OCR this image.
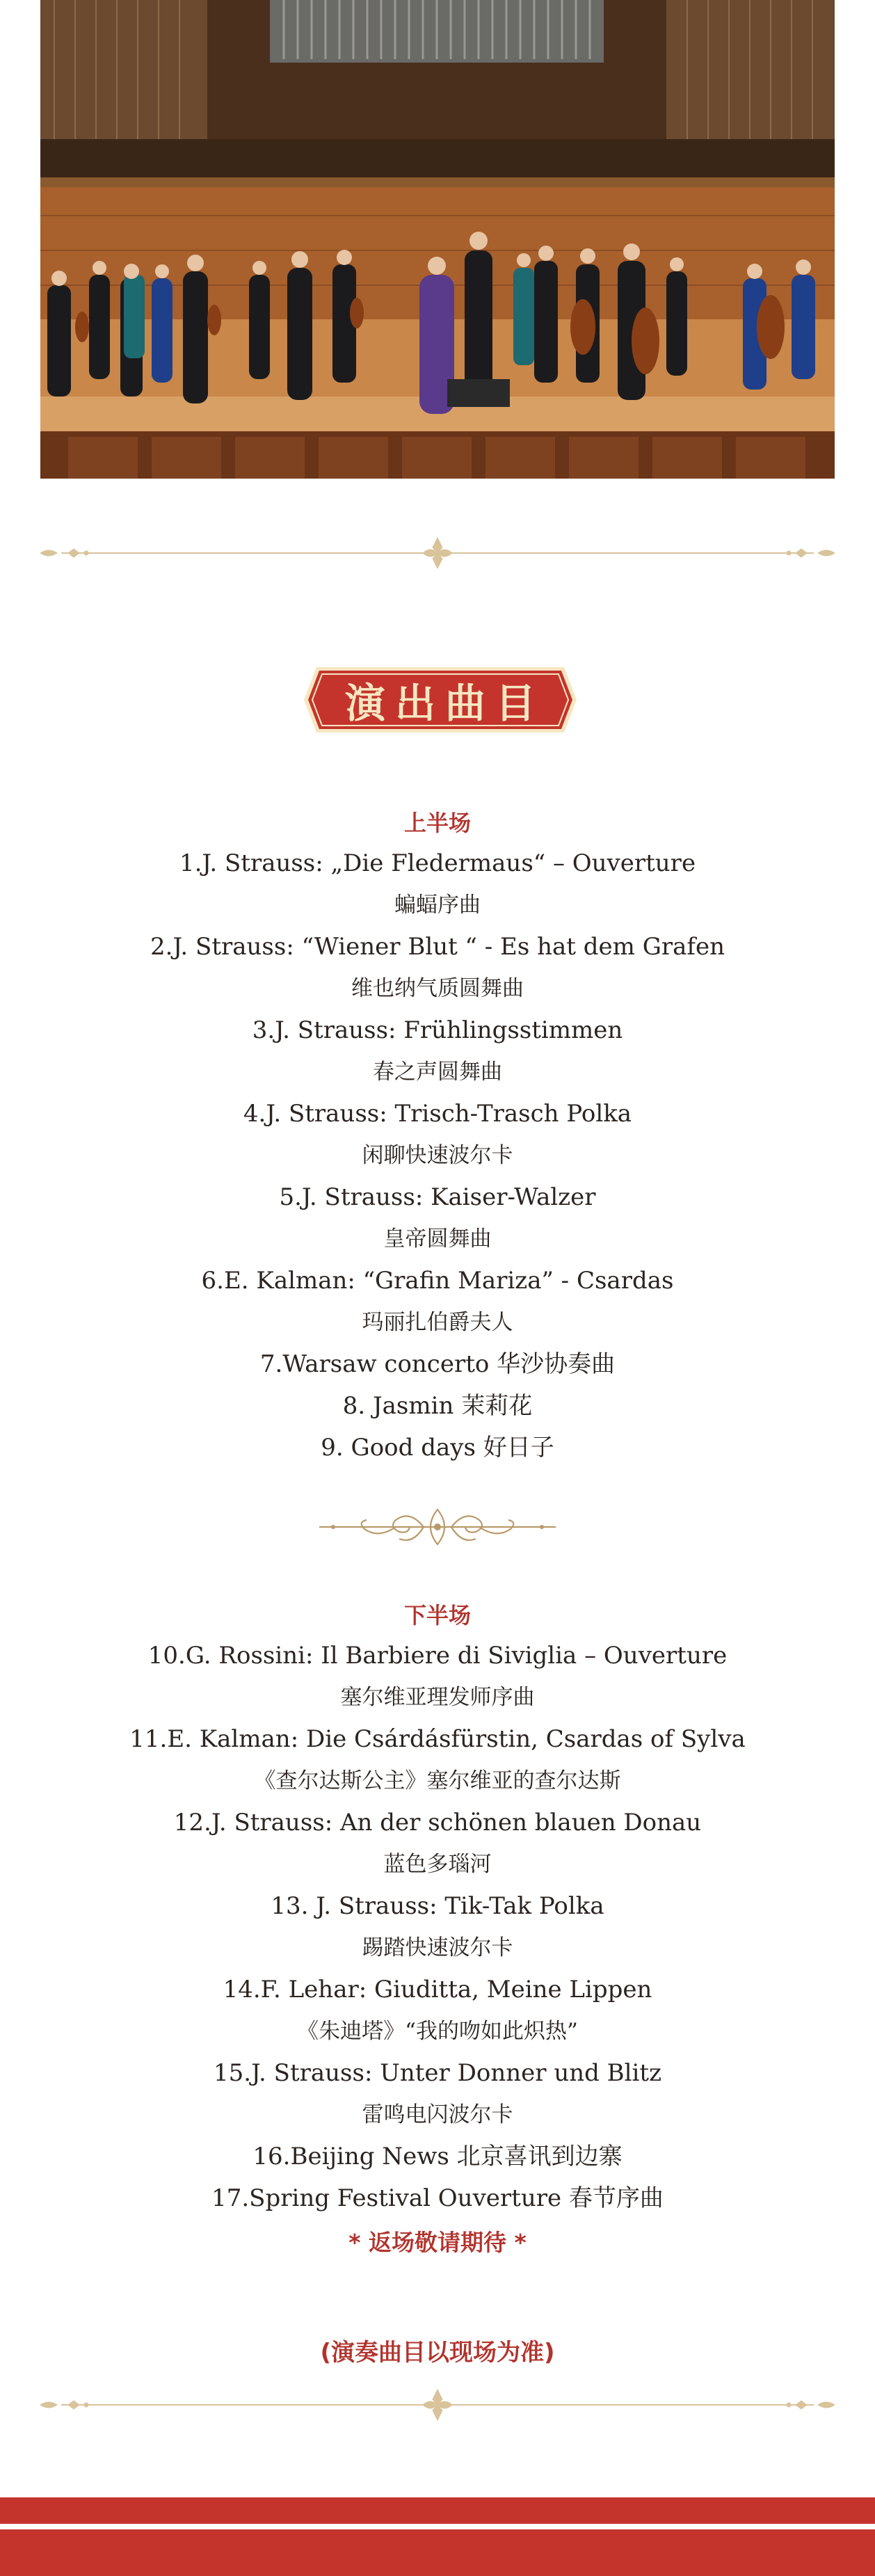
演出曲目
上半场
1.J. Strauss: „Die Fledermaus“ – Ouverture
蝙蝠序曲
2.J. Strauss: “Wiener Blut “ - Es hat dem Grafen
维也纳气质圆舞曲
3.J. Strauss: Frühlingsstimmen
春之声圆舞曲
4.J. Strauss: Trisch-Trasch Polka
闲聊快速波尔卡
5.J. Strauss: Kaiser-Walzer
皇帝圆舞曲
6.E. Kalman: “Grafin Mariza” - Csardas
玛丽扎伯爵夫人
7.Warsaw concerto 华沙协奏曲
8. Jasmin 茉莉花
9. Good days 好日子
下半场
10.G. Rossini: Il Barbiere di Siviglia – Ouverture
塞尔维亚理发师序曲
11.E. Kalman: Die Csárdásfürstin, Csardas of Sylva
《查尔达斯公主》塞尔维亚的查尔达斯
12.J. Strauss: An der schönen blauen Donau
蓝色多瑙河
13. J. Strauss: Tik-Tak Polka
踢踏快速波尔卡
14.F. Lehar: Giuditta, Meine Lippen
《朱迪塔》“我的吻如此炽热”
15.J. Strauss: Unter Donner und Blitz
雷鸣电闪波尔卡
16.Beijing News 北京喜讯到边寨
17.Spring Festival Ouverture 春节序曲
* 返场敬请期待 *
(演奏曲目以现场为准)
